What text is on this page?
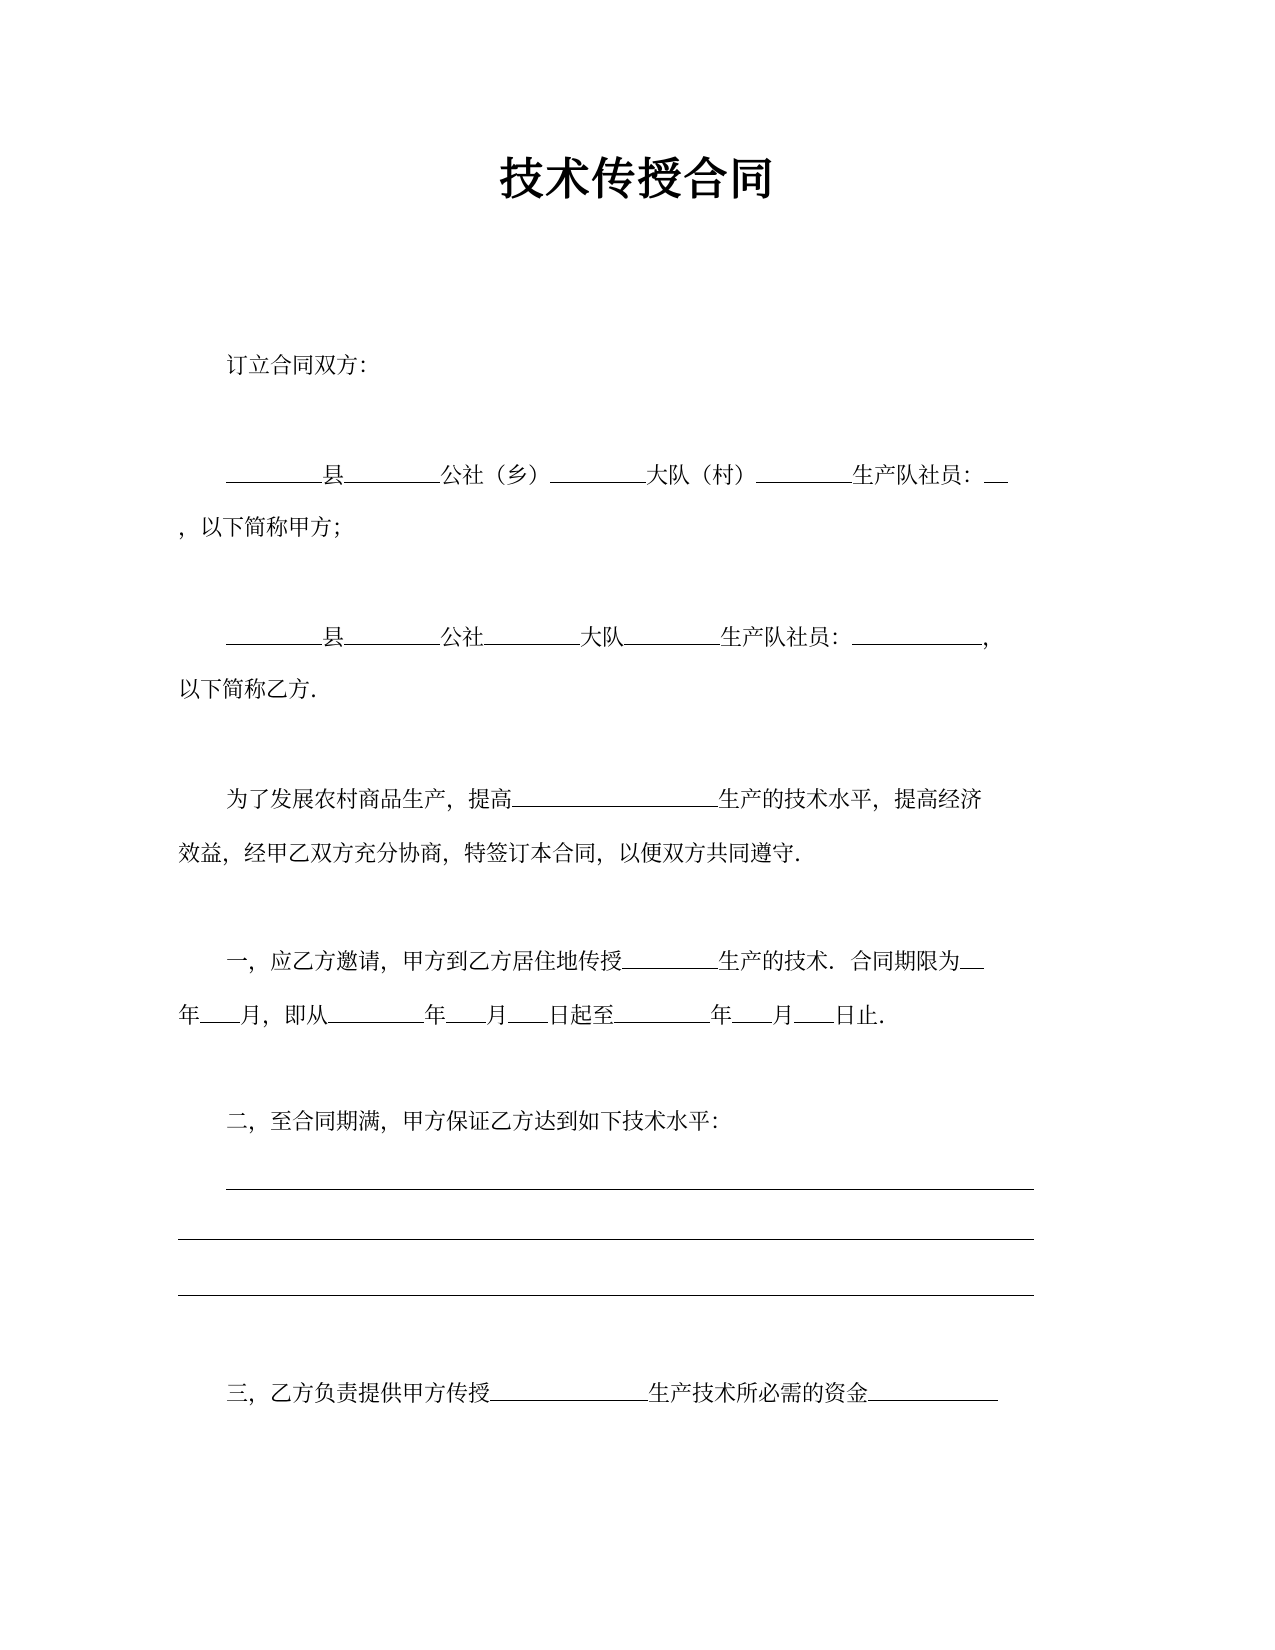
技术传授合同
订立合同双方：
县	公社（乡）	大队（村）	生产队社员：
，以下简称甲方；
县	公社	大队	生产队社员：	，
以下简称乙方.
为了发展农村商品生产，提高	生产的技术水平，提高经济
效益，经甲乙双方充分协商，特签订本合同，以便双方共同遵守.
一，应乙方邀请，甲方到乙方居住地传授	生产的技术．合同期限为
年 月，即从	年 月 日起至	年 月 日止.
二，至合同期满，甲方保证乙方达到如下技术水平：
三，乙方负责提供甲方传授	生产技术所必需的资金
